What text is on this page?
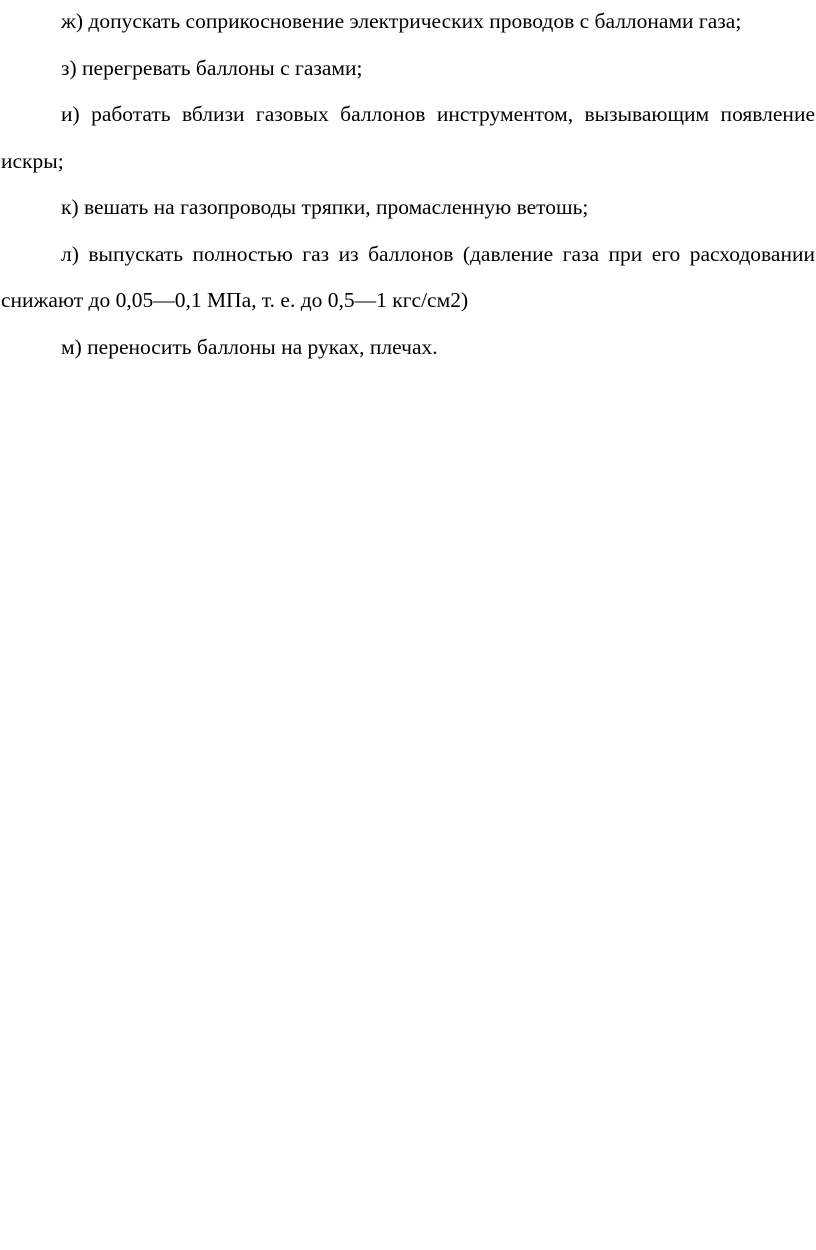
ж) допускать соприкосновение электрических проводов с баллонами газа;

з) перегревать баллоны с газами;

и) работать вблизи газовых баллонов инструментом, вызывающим появление искры;

к) вешать на газопроводы тряпки, промасленную ветошь;

л) выпускать полностью газ из баллонов (давление газа при его расходовании снижают до 0,05—0,1 МПа, т. е. до 0,5—1 кгс/см2)

м) переносить баллоны на руках, плечах.
